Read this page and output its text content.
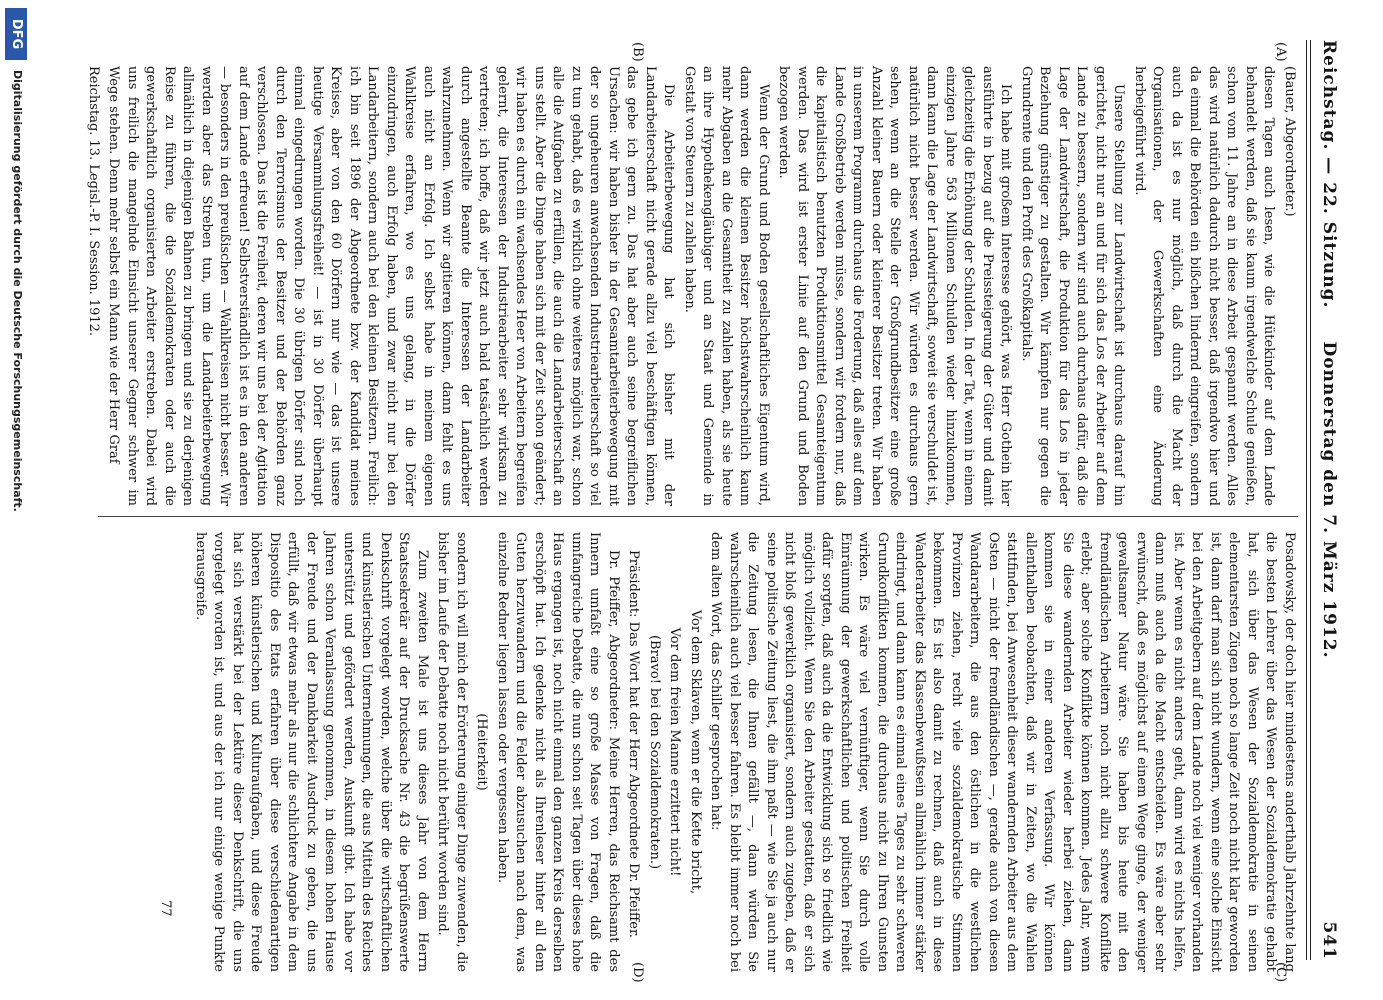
Reichstag. — 22. Sitzung.
Donnerstag den 7. März 1912.
541
(A)
(B)
(C)
(D)

(Bauer, Abgeordneter.)

diesen Tagen auch lesen, wie die Hütekinder auf dem Lande behandelt werden, daß sie kaum irgendwelche Schule genießen, schon vom 11. Jahre an in diese Arbeit gespannt werden. Alles das wird natürlich dadurch nicht besser, daß irgendwo hier und da einmal die Behörden ein bißchen lindernd eingreifen, sondern auch da ist es nur möglich, daß durch die Macht der Organisationen, der Gewerkschaften eine Änderung herbeigeführt wird.

Unsere Stellung zur Landwirtschaft ist durchaus darauf hin gerichtet, nicht nur an und für sich das Los der Arbeiter auf dem Lande zu bessern, sondern wir sind auch durchaus dafür, daß die Lage der Landwirtschaft, die Produktion für das Los in jeder Beziehung günstiger zu gestalten. Wir kämpfen nur gegen die Grundrente und den Profit des Großkapitals.

Ich habe mit großem Interesse gehört, was Herr Gothein hier ausführte in bezug auf die Preissteigerung der Güter und damit gleichzeitig die Erhöhung der Schulden. In der Tat, wenn in einem einzigen Jahre 563 Millionen Schulden wieder hinzukommen, dann kann die Lage der Landwirtschaft, soweit sie verschuldet ist, natürlich nicht besser werden. Wir würden es durchaus gern sehen, wenn an die Stelle der Großgrundbesitzer eine große Anzahl kleiner Bauern oder kleinerer Besitzer treten. Wir haben in unserem Programm durchaus die Forderung, daß alles auf dem Lande Großbetrieb werden müsse, sondern wir fordern nur, daß die kapitalistisch benutzten Produktionsmittel Gesamteigentum werden. Das wird ist erster Linie auf den Grund und Boden bezogen werden.

Wenn der Grund und Boden gesellschaftliches Eigentum wird, dann werden die kleinen Besitzer höchstwahrscheinlich kaum mehr Abgaben an die Gesamtheit zu zahlen haben, als sie heute an ihre Hypothekengläubiger und an Staat und Gemeinde in Gestalt von Steuern zu zahlen haben.

Die Arbeiterbewegung hat sich bisher mit der Landarbeiterschaft nicht gerade allzu viel beschäftigen können, das gebe ich gern zu. Das hat aber auch seine begreiflichen Ursachen: wir haben bisher in der Gesamtarbeiterbewegung mit der so ungeheuren anwachsenden Industriearbeiterschaft so viel zu tun gehabt, daß es wirklich ohne weiteres möglich war, schon alle die Aufgaben zu erfüllen, die auch die Landarbeiterschaft an uns stellt. Aber die Dinge haben sich mit der Zeit schon geändert; wir haben es durch ein wachsendes Heer von Arbeitern begreifen gelernt, die Interessen der Industriearbeiter sehr wirksam zu vertreten; ich hoffe, daß wir jetzt auch bald tatsächlich werden durch angestellte Beamte die Interessen der Landarbeiter wahrzunehmen. Wenn wir agitieren können, dann fehlt es uns auch nicht an Erfolg. Ich selbst habe in meinem eigenen Wahlkreise erfahren, wo es uns gelang, in die Dörfer einzudringen, auch Erfolg haben, und zwar nicht nur bei den Landarbeitern, sondern auch bei den kleinen Besitzern. Freilich: ich bin seit 1896 der Abgeordnete bzw. der Kandidat meines Kreises, aber von den 60 Dörfern nur wie — das ist unsere heutige Versammlungsfreiheit! — ist in 30 Dörfer überhaupt einmal eingedrungen worden. Die 30 übrigen Dörfer sind noch durch den Terrorismus der Besitzer und der Behörden ganz verschlossen. Das ist die Freiheit, deren wir uns bei der Agitation auf dem Lande erfreuen! Selbstverständlich ist es in den anderen — besonders in den preußischen — Wahlkreisen nicht besser. Wir werden aber das Streben tun, um die Landarbeiterbewegung allmählich in diejenigen Bahnen zu bringen und sie zu derjenigen Reise zu führen, die die Sozialdemokraten oder auch die gewerkschaftlich organisierten Arbeiter erstreben. Dabei wird uns freilich die mangelnde Einsicht unserer Gegner schwer im Wege stehen. Denn mehr selbst ein Mann wie der Herr Graf

Posadowsky, der doch hier mindestens anderthalb Jahrzehnte lang die besten Lehrer über das Wesen der Sozialdemokratie gehabt hat, sich über das Wesen der Sozialdemokratie in seinen elementarsten Zügen noch so lange Zeit noch nicht klar geworden ist, dann darf man sich nicht wundern, wenn eine solche Einsicht bei den Arbeitgebern auf dem Lande noch viel weniger vorhanden ist. Aber wenn es nicht anders geht, dann wird es nichts helfen, dann muß auch da die Macht entscheiden. Es wäre aber sehr erwünscht, daß es möglichst auf einem Wege ginge, der weniger gewaltsamer Natur wäre. Sie haben bis heute mit den fremdländischen Arbeitern noch nicht allzu schwere Konflikte erlebt; aber solche Konflikte können kommen. Jedes Jahr, wenn Sie diese wandernden Arbeiter wieder herbei ziehen, dann kommen sie in einer anderen Verfassung. Wir können allenthalben beobachten, daß wir in Zeiten, wo die Wahlen stattfinden, bei Anwesenheit dieser wandernden Arbeiter aus dem Osten — nicht der fremdländischen —, gerade auch von diesen Wandararbeitern, die aus den östlichen in die westlichen Provinzen ziehen, recht viele sozialdemokratische Stimmen bekommen. Es ist also damit zu rechnen, daß auch in diese Wanderarbeiter das Klassenbewußtsein allmählich immer stärker eindringt, und dann kann es einmal eines Tages zu sehr schweren Grundkonflikten kommen, die durchaus nicht zu Ihren Gunsten wirken. Es wäre viel vernünftiger, wenn Sie durch volle Einräumung der gewerkschaftlichen und politischen Freiheit dafür sorgten, daß auch da die Entwicklung sich so friedlich wie möglich vollzieht. Wenn Sie den Arbeiter gestatten, daß er sich nicht bloß gewerklich organisiert, sondern auch zugeben, daß er seine politische Zeitung liest, die ihm paßt — wie Sie ja auch nur die Zeitung lesen, die Ihnen gefällt —, dann würden Sie wahrscheinlich auch viel besser fahren. Es bleibt immer noch bei dem alten Wort, das Schiller gesprochen hat:

Vor dem Sklaven, wenn er die Kette bricht,

Vor dem freien Manne erzittert nicht!

(Bravo! bei den Sozialdemokraten.)

Präsident: Das Wort hat der Herr Abgeordnete Dr. Pfeiffer.

Dr. Pfeiffer, Abgeordneter: Meine Herren, das Reichsamt des Innern umfaßt eine so große Masse von Fragen, daß die umfangreiche Debatte, die nun schon seit Tagen über dieses hohe Haus ergangen ist, noch nicht einmal den ganzen Kreis derselben erschöpft hat. Ich gedenke nicht als Ihrenleser hinter all dem Guten herzuwandern und die Felder abzusuchen nach dem, was einzelne Redner liegen lassen oder vergessen haben.

(Heiterkeit)

sondern ich will mich der Erörterung einiger Dinge zuwenden, die bisher im Laufe der Debatte noch nicht berührt worden sind.

Zum zweiten Male ist uns dieses Jahr von dem Herrn Staatssekretär auf der Drucksache Nr. 43 die begrüßenswerte Denkschrift vorgelegt worden, welche über die wirtschaftlichen und künstlerischen Unternehmungen, die aus Mitteln des Reiches unterstützt und gefördert werden, Auskunft gibt. Ich habe vor Jahren schon Veranlassung genommen, in diesem hohen Hause der Freude und der Dankbarkeit Ausdruck zu geben, die uns erfüllt, daß wir etwas mehr als nur die schlichtere Angabe in dem Dispositio des Etats erfahren über diese verschiedenartigen höheren künstlerischen und Kulturaufgaben, und diese Freude hat sich verstärkt bei der Lektüre dieser Denkschrift, die uns vorgelegt worden ist, und aus der ich nur einige wenige Punkte herausgreife.

Reichstag. 13. Legisl.-P. I. Session. 1912.
77
DFG
Digitalisierung gefördert durch die Deutsche Forschungsgemeinschaft.
